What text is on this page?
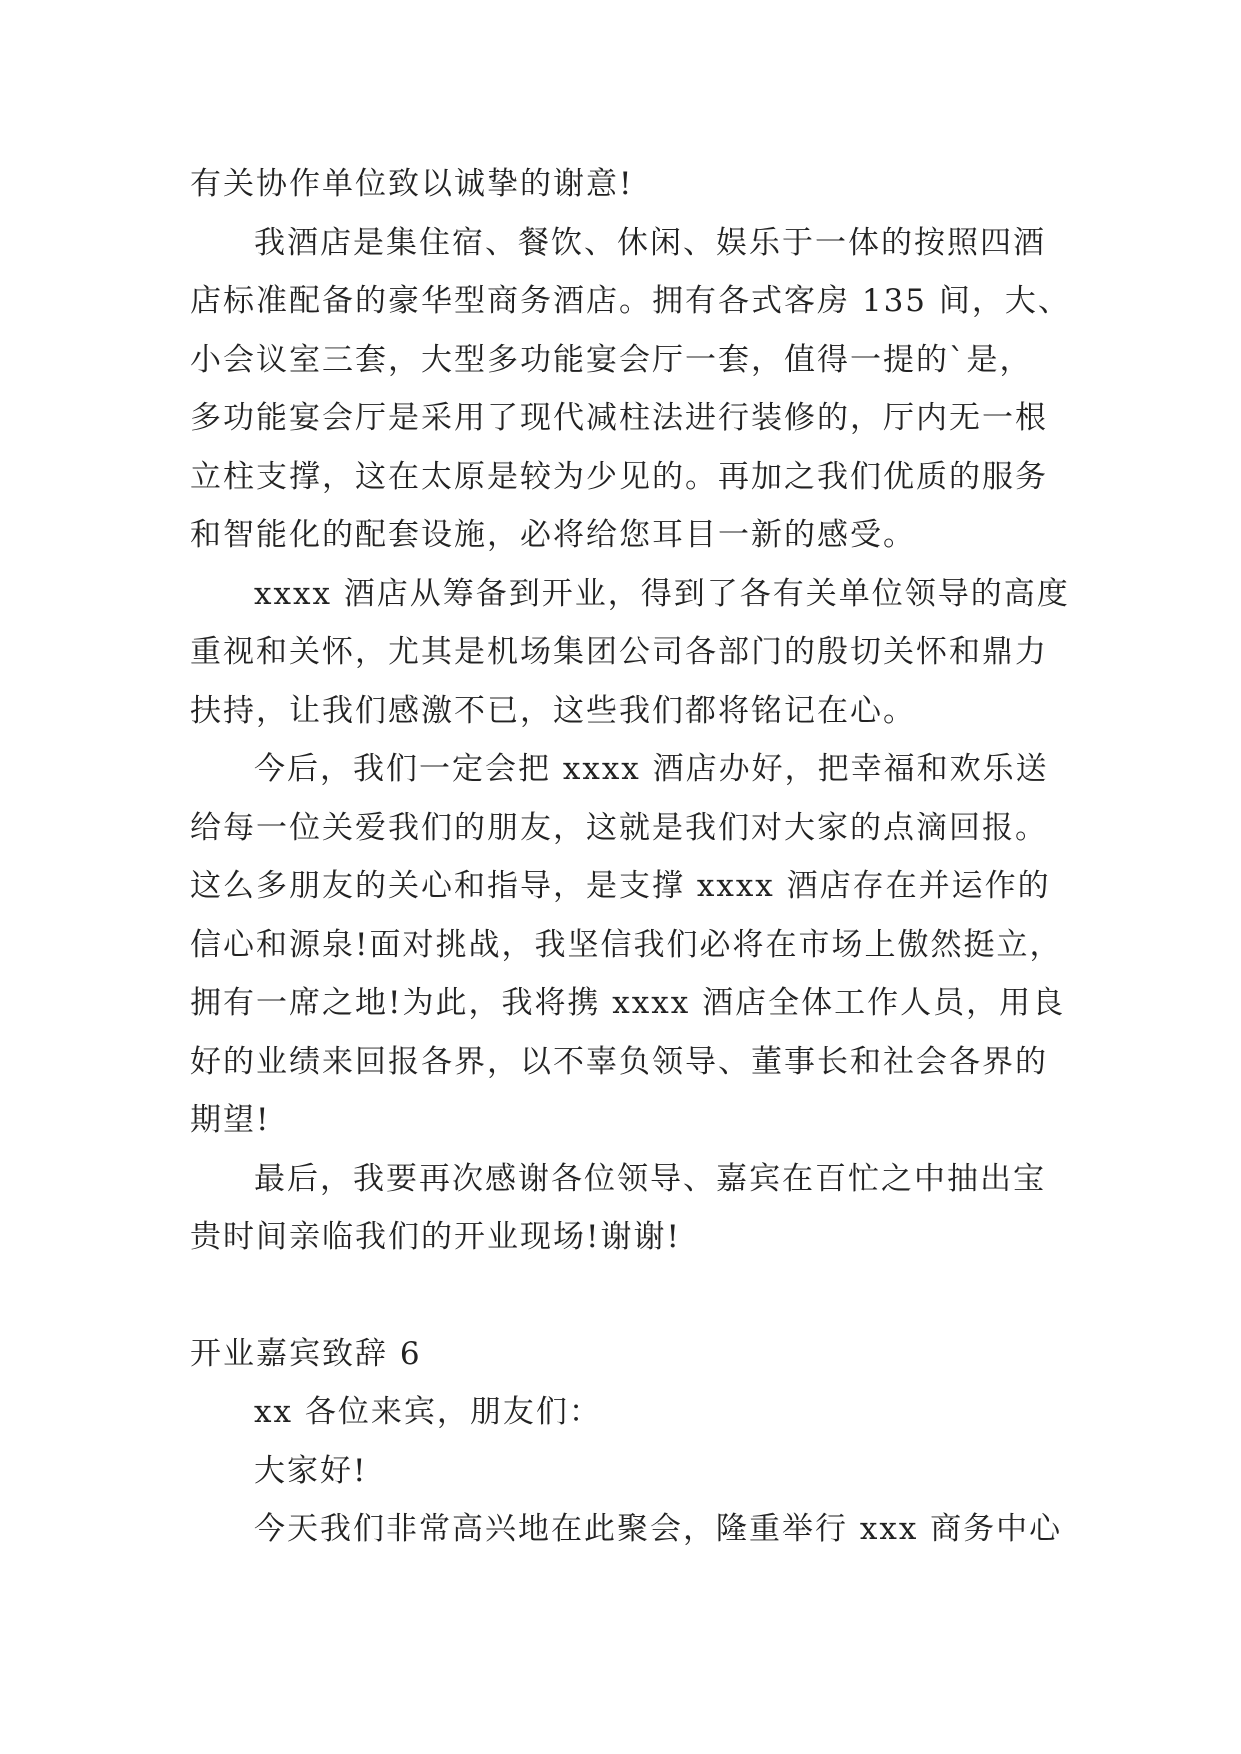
有关协作单位致以诚挚的谢意!
我酒店是集住宿、餐饮、休闲、娱乐于一体的按照四酒
店标准配备的豪华型商务酒店。拥有各式客房 135 间，大、
小会议室三套，大型多功能宴会厅一套，值得一提的`是，
多功能宴会厅是采用了现代减柱法进行装修的，厅内无一根
立柱支撑，这在太原是较为少见的。再加之我们优质的服务
和智能化的配套设施，必将给您耳目一新的感受。
xxxx 酒店从筹备到开业，得到了各有关单位领导的高度
重视和关怀，尤其是机场集团公司各部门的殷切关怀和鼎力
扶持，让我们感激不已，这些我们都将铭记在心。
今后，我们一定会把 xxxx 酒店办好，把幸福和欢乐送
给每一位关爱我们的朋友，这就是我们对大家的点滴回报。
这么多朋友的关心和指导，是支撑 xxxx 酒店存在并运作的
信心和源泉!面对挑战，我坚信我们必将在市场上傲然挺立，
拥有一席之地!为此，我将携 xxxx 酒店全体工作人员，用良
好的业绩来回报各界，以不辜负领导、董事长和社会各界的
期望!
最后，我要再次感谢各位领导、嘉宾在百忙之中抽出宝
贵时间亲临我们的开业现场!谢谢!
开业嘉宾致辞 6
xx 各位来宾，朋友们：
大家好!
今天我们非常高兴地在此聚会，隆重举行 xxx 商务中心
